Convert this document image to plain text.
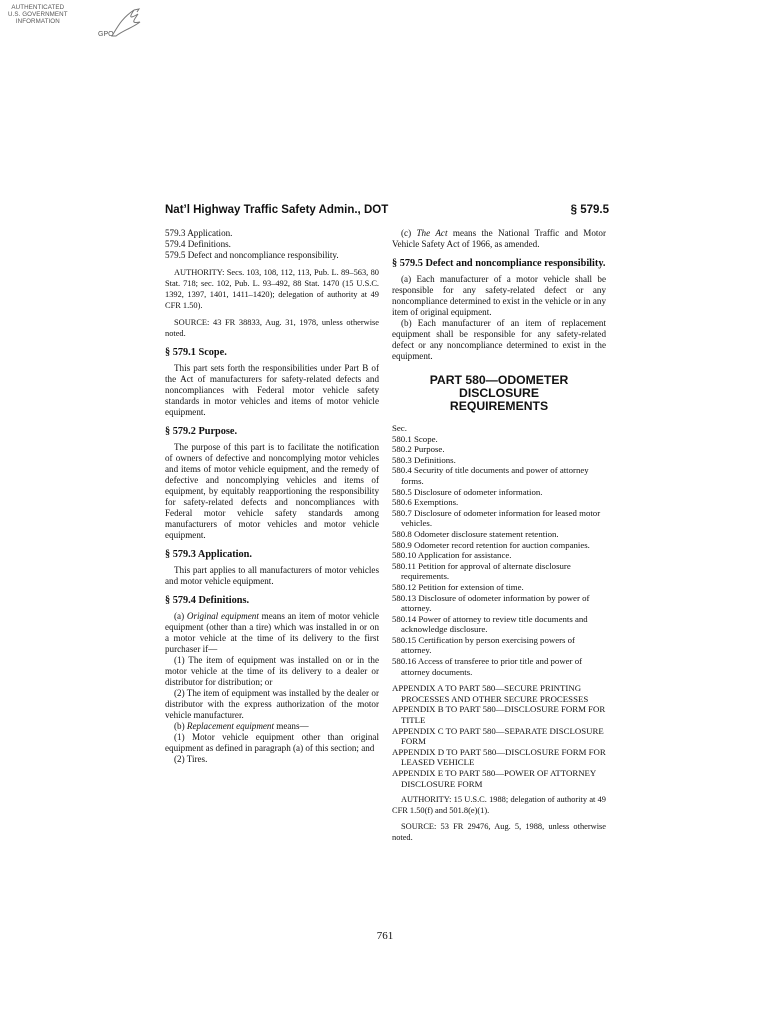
AUTHENTICATED
U.S. GOVERNMENT
INFORMATION
GPO
Nat’l Highway Traffic Safety Admin., DOT	§ 579.5

579.3 Application.

579.4 Definitions.

579.5 Defect and noncompliance responsibility.

AUTHORITY: Secs. 103, 108, 112, 113, Pub. L. 89–563, 80 Stat. 718; sec. 102, Pub. L. 93–492, 88 Stat. 1470 (15 U.S.C. 1392, 1397, 1401, 1411–1420); delegation of authority at 49 CFR 1.50).

SOURCE: 43 FR 38833, Aug. 31, 1978, unless otherwise noted.

§ 579.1 Scope.

This part sets forth the responsibilities under Part B of the Act of manufacturers for safety-related defects and noncompliances with Federal motor vehicle safety standards in motor vehicles and items of motor vehicle equipment.

§ 579.2 Purpose.

The purpose of this part is to facilitate the notification of owners of defective and noncomplying motor vehicles and items of motor vehicle equipment, and the remedy of defective and noncomplying vehicles and items of equipment, by equitably reapportioning the responsibility for safety-related defects and noncompliances with Federal motor vehicle safety standards among manufacturers of motor vehicles and motor vehicle equipment.

§ 579.3 Application.

This part applies to all manufacturers of motor vehicles and motor vehicle equipment.

§ 579.4 Definitions.

(a) Original equipment means an item of motor vehicle equipment (other than a tire) which was installed in or on a motor vehicle at the time of its delivery to the first purchaser if—

(1) The item of equipment was installed on or in the motor vehicle at the time of its delivery to a dealer or distributor for distribution; or

(2) The item of equipment was installed by the dealer or distributor with the express authorization of the motor vehicle manufacturer.

(b) Replacement equipment means—

(1) Motor vehicle equipment other than original equipment as defined in paragraph (a) of this section; and

(2) Tires.

(c) The Act means the National Traffic and Motor Vehicle Safety Act of 1966, as amended.

§ 579.5 Defect and noncompliance responsibility.

(a) Each manufacturer of a motor vehicle shall be responsible for any safety-related defect or any noncompliance determined to exist in the vehicle or in any item of original equipment.

(b) Each manufacturer of an item of replacement equipment shall be responsible for any safety-related defect or any noncompliance determined to exist in the equipment.

PART 580—ODOMETER DISCLOSURE
REQUIREMENTS

Sec.

580.1 Scope.

580.2 Purpose.

580.3 Definitions.

580.4 Security of title documents and power of attorney forms.

580.5 Disclosure of odometer information.

580.6 Exemptions.

580.7 Disclosure of odometer information for leased motor vehicles.

580.8 Odometer disclosure statement retention.

580.9 Odometer record retention for auction companies.

580.10 Application for assistance.

580.11 Petition for approval of alternate disclosure requirements.

580.12 Petition for extension of time.

580.13 Disclosure of odometer information by power of attorney.

580.14 Power of attorney to review title documents and acknowledge disclosure.

580.15 Certification by person exercising powers of attorney.

580.16 Access of transferee to prior title and power of attorney documents.

APPENDIX A TO PART 580—SECURE PRINTING PROCESSES AND OTHER SECURE PROCESSES

APPENDIX B TO PART 580—DISCLOSURE FORM FOR TITLE

APPENDIX C TO PART 580—SEPARATE DISCLOSURE FORM

APPENDIX D TO PART 580—DISCLOSURE FORM FOR LEASED VEHICLE

APPENDIX E TO PART 580—POWER OF ATTORNEY DISCLOSURE FORM

AUTHORITY: 15 U.S.C. 1988; delegation of authority at 49 CFR 1.50(f) and 501.8(e)(1).

SOURCE: 53 FR 29476, Aug. 5, 1988, unless otherwise noted.

761
